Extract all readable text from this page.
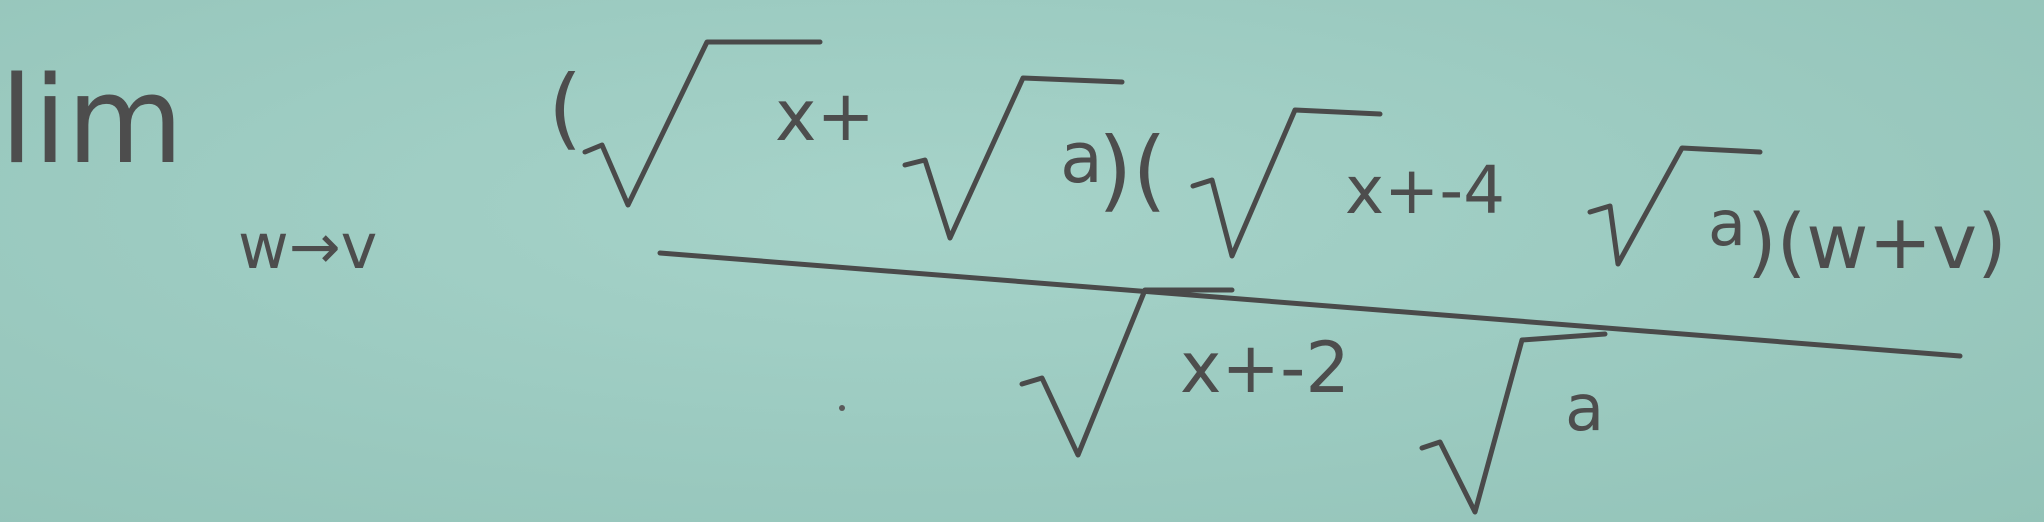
lim
w→v
(	x+
a
)(	x+-4	a )(w+v)
x+-2	a
